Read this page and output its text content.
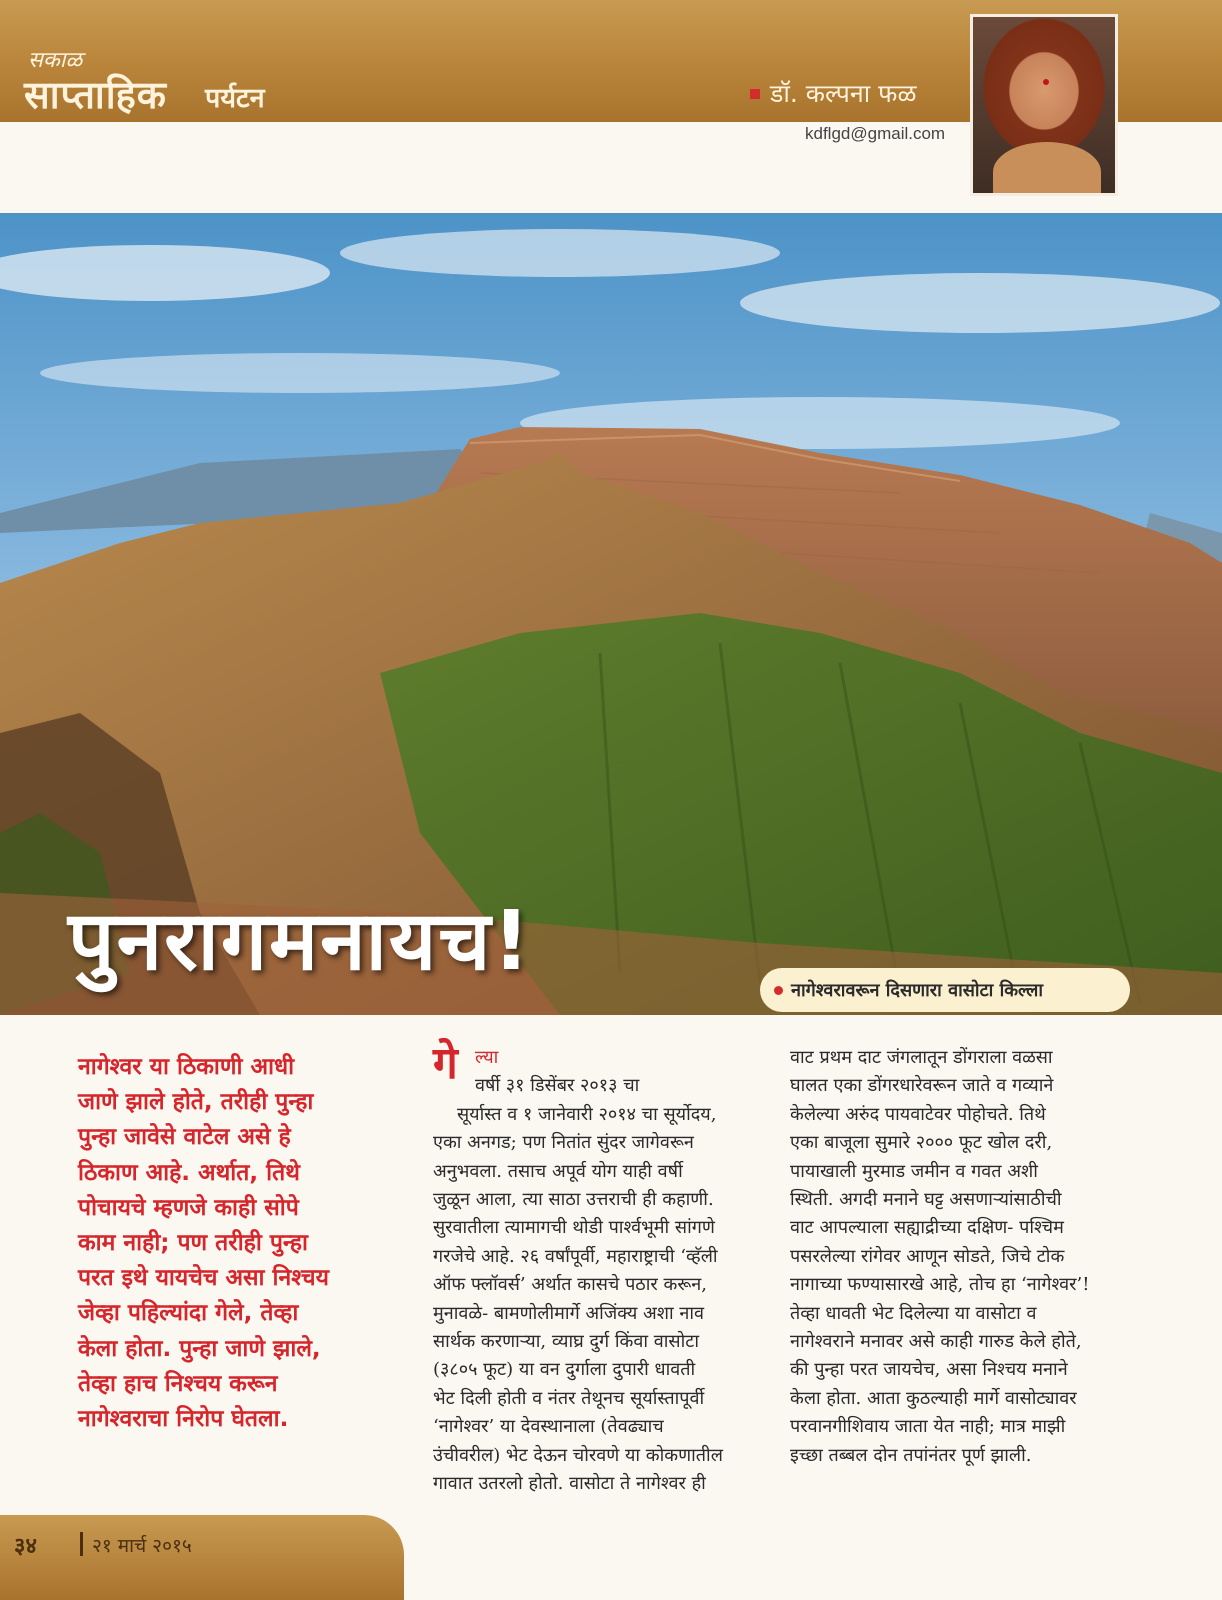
सकाळ
साप्ताहिक पर्यटन	डॉ. कल्पना फळ
kdflgd@gmail.com
पुनरागमनायच!
नागेश्वरावरून दिसणारा वासोटा किल्ला
नागेश्वर या ठिकाणी आधी
जाणे झाले होते, तरीही पुन्हा
पुन्हा जावेसे वाटेल असे हे
ठिकाण आहे. अर्थात, तिथे
पोचायचे म्हणजे काही सोपे
काम नाही; पण तरीही पुन्हा
परत इथे यायचेच असा निश्चय
जेव्हा पहिल्यांदा गेले, तेव्हा
केला होता. पुन्हा जाणे झाले,
तेव्हा हाच निश्चय करून
नागेश्वराचा निरोप घेतला.
गे ल्या
वर्षी ३१ डिसेंबर २०१३ चा
सूर्यास्त व १ जानेवारी २०१४ चा सूर्योदय,
एका अनगड; पण नितांत सुंदर जागेवरून
अनुभवला. तसाच अपूर्व योग याही वर्षी
जुळून आला, त्या साठा उत्तराची ही कहाणी.
सुरवातीला त्यामागची थोडी पार्श्वभूमी सांगणे
गरजेचे आहे. २६ वर्षांपूर्वी, महाराष्ट्राची ‘व्हॅली
ऑफ फ्लॉवर्स’ अर्थात कासचे पठार करून,
मुनावळे- बामणोलीमार्गे अजिंक्य अशा नाव
सार्थक करणाऱ्या, व्याघ्र दुर्ग किंवा वासोटा
(३८०५ फूट) या वन दुर्गाला दुपारी धावती
भेट दिली होती व नंतर तेथूनच सूर्यास्तापूर्वी
‘नागेश्वर’ या देवस्थानाला (तेवढ्याच
उंचीवरील) भेट देऊन चोरवणे या कोकणातील
गावात उतरलो होतो. वासोटा ते नागेश्वर ही
वाट प्रथम दाट जंगलातून डोंगराला वळसा
घालत एका डोंगरधारेवरून जाते व गव्याने
केलेल्या अरुंद पायवाटेवर पोहोचते. तिथे
एका बाजूला सुमारे २००० फूट खोल दरी,
पायाखाली मुरमाड जमीन व गवत अशी
स्थिती. अगदी मनाने घट्ट असणाऱ्यांसाठीची
वाट आपल्याला सह्याद्रीच्या दक्षिण- पश्चिम
पसरलेल्या रांगेवर आणून सोडते, जिचे टोक
नागाच्या फण्यासारखे आहे, तोच हा ‘नागेश्वर’!
तेव्हा धावती भेट दिलेल्या या वासोटा व
नागेश्वराने मनावर असे काही गारुड केले होते,
की पुन्हा परत जायचेच, असा निश्चय मनाने
केला होता. आता कुठल्याही मार्गे वासोट्यावर
परवानगीशिवाय जाता येत नाही; मात्र माझी
इच्छा तब्बल दोन तपांनंतर पूर्ण झाली.
३४	२१ मार्च २०१५
